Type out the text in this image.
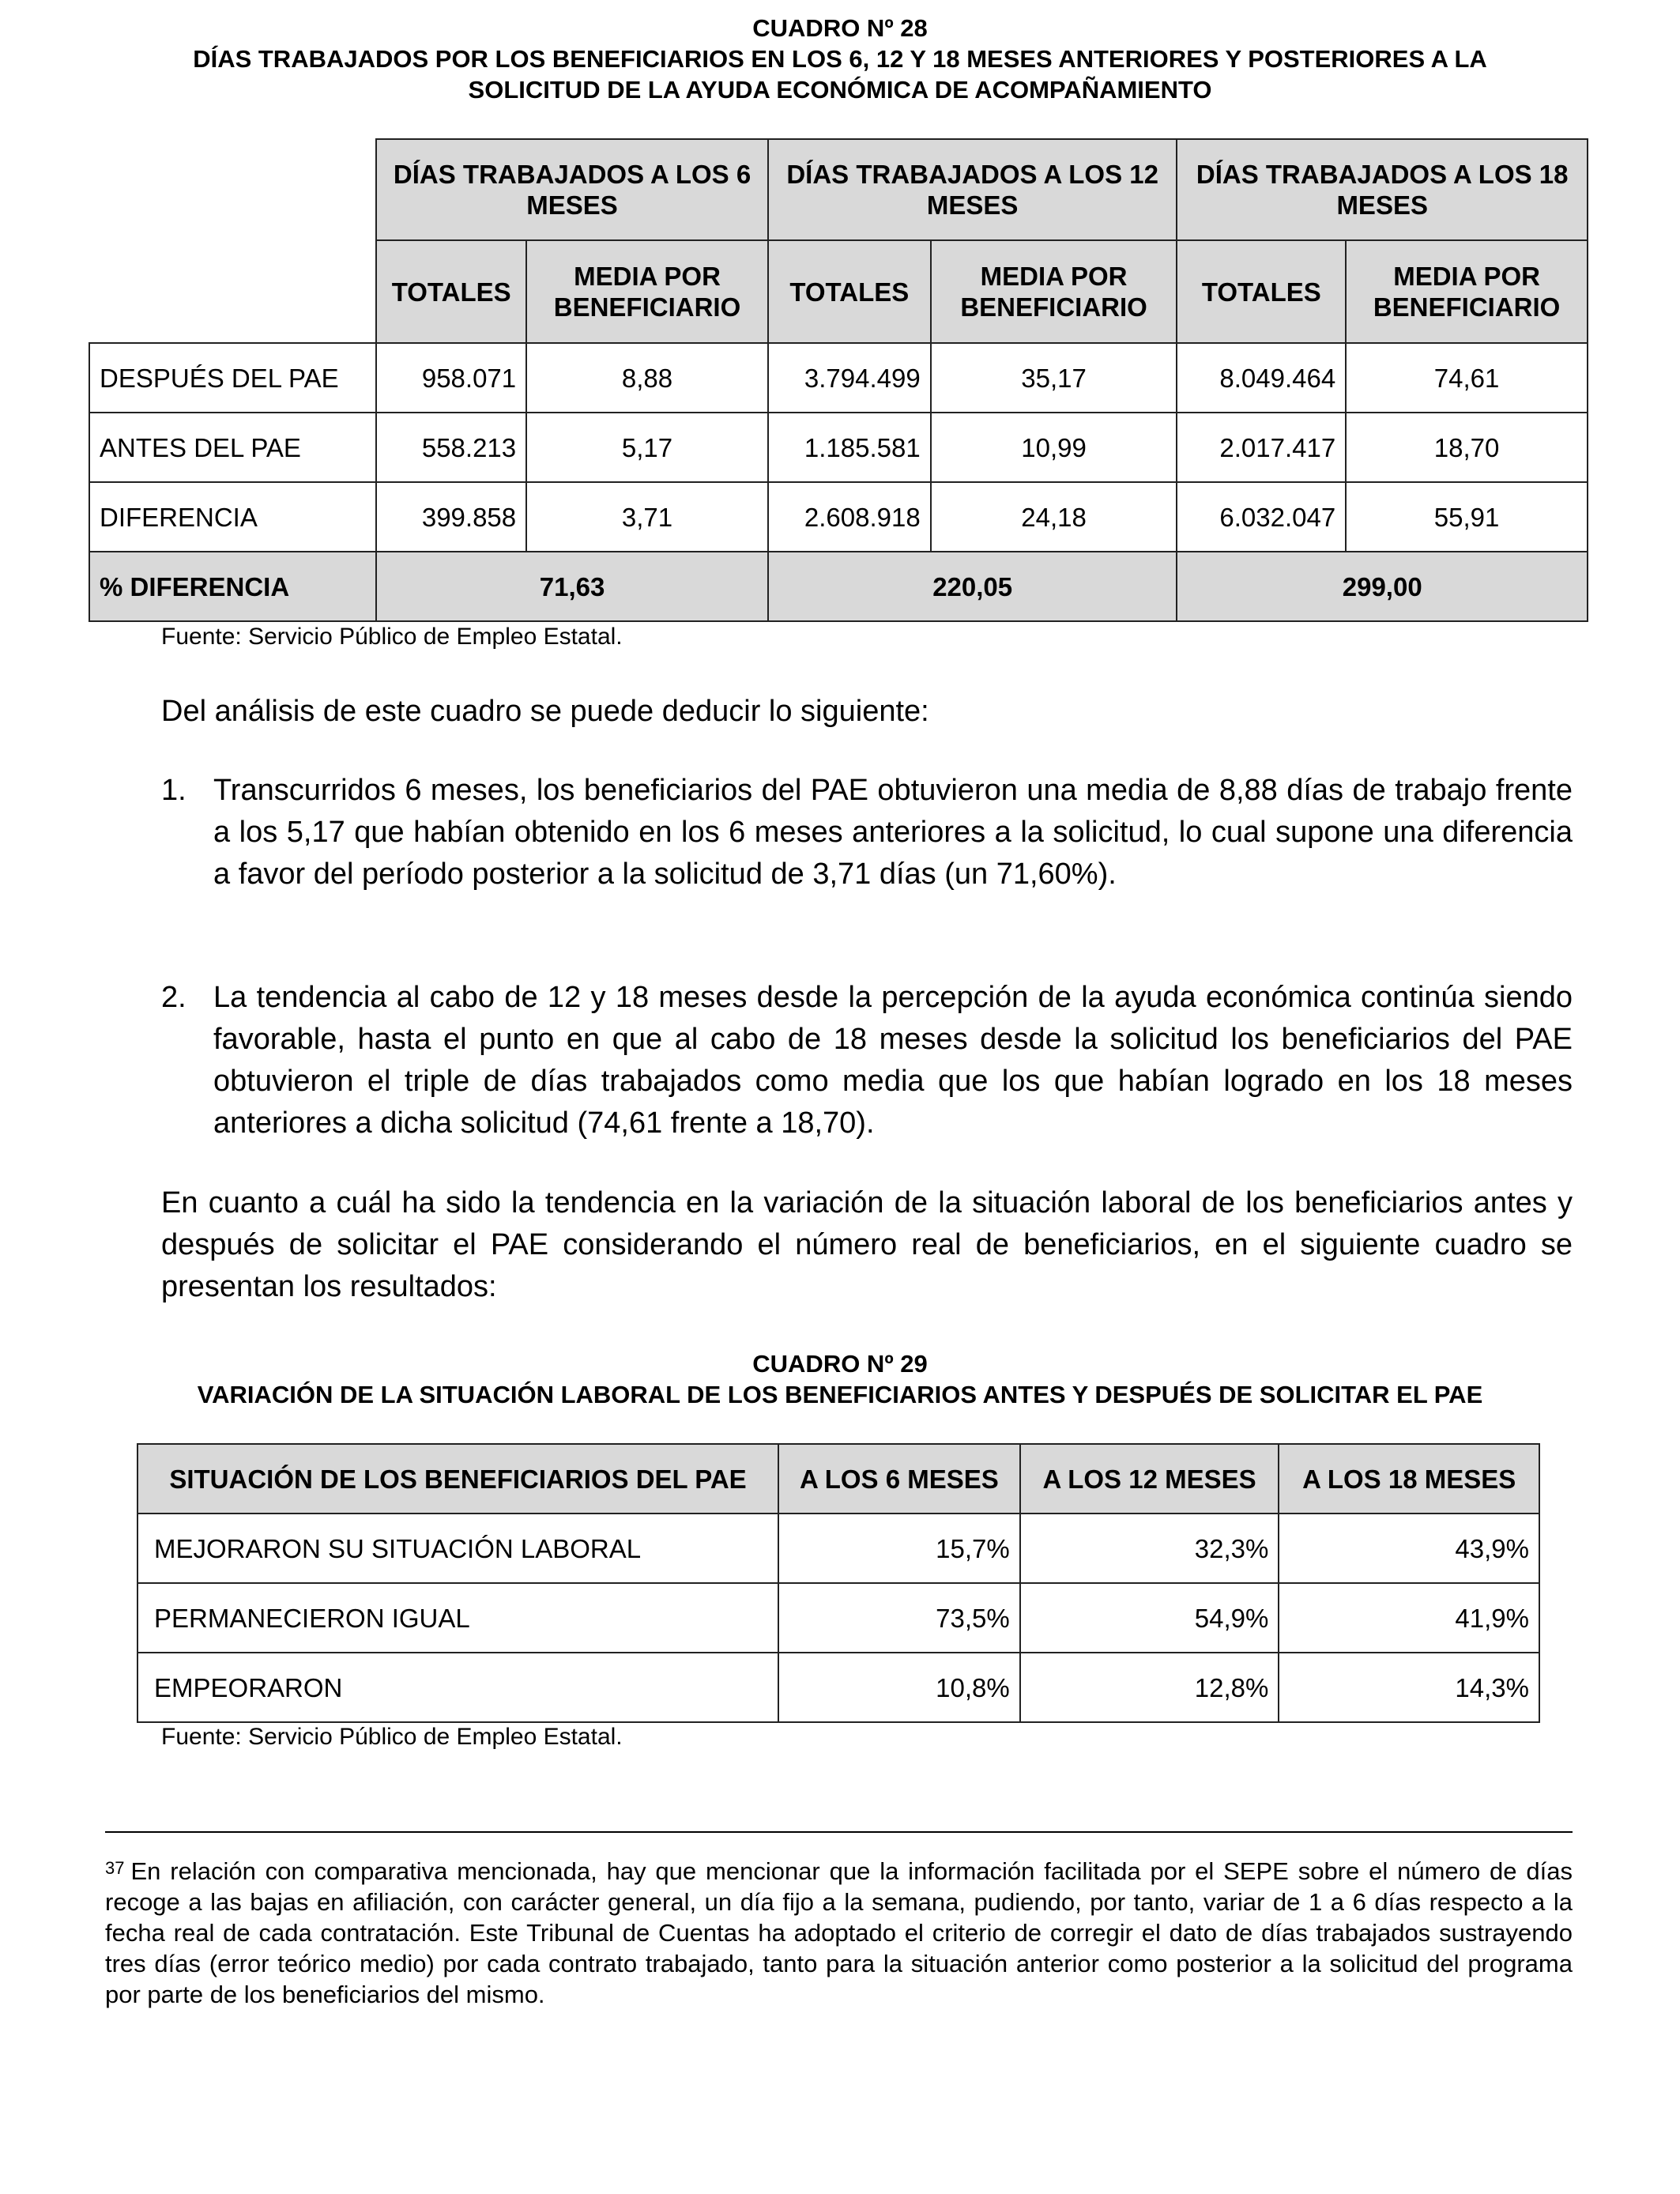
CUADRO Nº 28
DÍAS TRABAJADOS POR LOS BENEFICIARIOS EN LOS 6, 12 Y 18 MESES ANTERIORES Y POSTERIORES A LA
SOLICITUD DE LA AYUDA ECONÓMICA DE ACOMPAÑAMIENTO
	DÍAS TRABAJADOS A LOS 6 MESES		DÍAS TRABAJADOS A LOS 12 MESES		DÍAS TRABAJADOS A LOS 18 MESES	
	TOTALES	MEDIA POR BENEFICIARIO	TOTALES	MEDIA POR BENEFICIARIO	TOTALES	MEDIA POR BENEFICIARIO
DESPUÉS DEL PAE	958.071	8,88	3.794.499	35,17	8.049.464	74,61
ANTES DEL PAE	558.213	5,17	1.185.581	10,99	2.017.417	18,70
DIFERENCIA	399.858	3,71	2.608.918	24,18	6.032.047	55,91
% DIFERENCIA	71,63		220,05		299,00	
Fuente: Servicio Público de Empleo Estatal.
Del análisis de este cuadro se puede deducir lo siguiente:
1. Transcurridos 6 meses, los beneficiarios del PAE obtuvieron una media de 8,88 días de trabajo frente a los 5,17 que habían obtenido en los 6 meses anteriores a la solicitud, lo cual supone una diferencia a favor del período posterior a la solicitud de 3,71 días (un 71,60%).
2. La tendencia al cabo de 12 y 18 meses desde la percepción de la ayuda económica continúa siendo favorable, hasta el punto en que al cabo de 18 meses desde la solicitud los beneficiarios del PAE obtuvieron el triple de días trabajados como media que los que habían logrado en los 18 meses anteriores a dicha solicitud (74,61 frente a 18,70).
En cuanto a cuál ha sido la tendencia en la variación de la situación laboral de los beneficiarios antes y después de solicitar el PAE considerando el número real de beneficiarios, en el siguiente cuadro se presentan los resultados:
CUADRO Nº 29
VARIACIÓN DE LA SITUACIÓN LABORAL DE LOS BENEFICIARIOS ANTES Y DESPUÉS DE SOLICITAR EL PAE
SITUACIÓN DE LOS BENEFICIARIOS DEL PAE	A LOS 6 MESES	A LOS 12 MESES	A LOS 18 MESES
MEJORARON SU SITUACIÓN LABORAL	15,7%	32,3%	43,9%
PERMANECIERON IGUAL	73,5%	54,9%	41,9%
EMPEORARON	10,8%	12,8%	14,3%
Fuente: Servicio Público de Empleo Estatal.
$^{37}$ En relación con comparativa mencionada, hay que mencionar que la información facilitada por el SEPE sobre el número de días recoge a las bajas en afiliación, con carácter general, un día fijo a la semana, pudiendo, por tanto, variar de 1 a 6 días respecto a la fecha real de cada contratación. Este Tribunal de Cuentas ha adoptado el criterio de corregir el dato de días trabajados sustrayendo tres días (error teórico medio) por cada contrato trabajado, tanto para la situación anterior como posterior a la solicitud del programa por parte de los beneficiarios del mismo.
